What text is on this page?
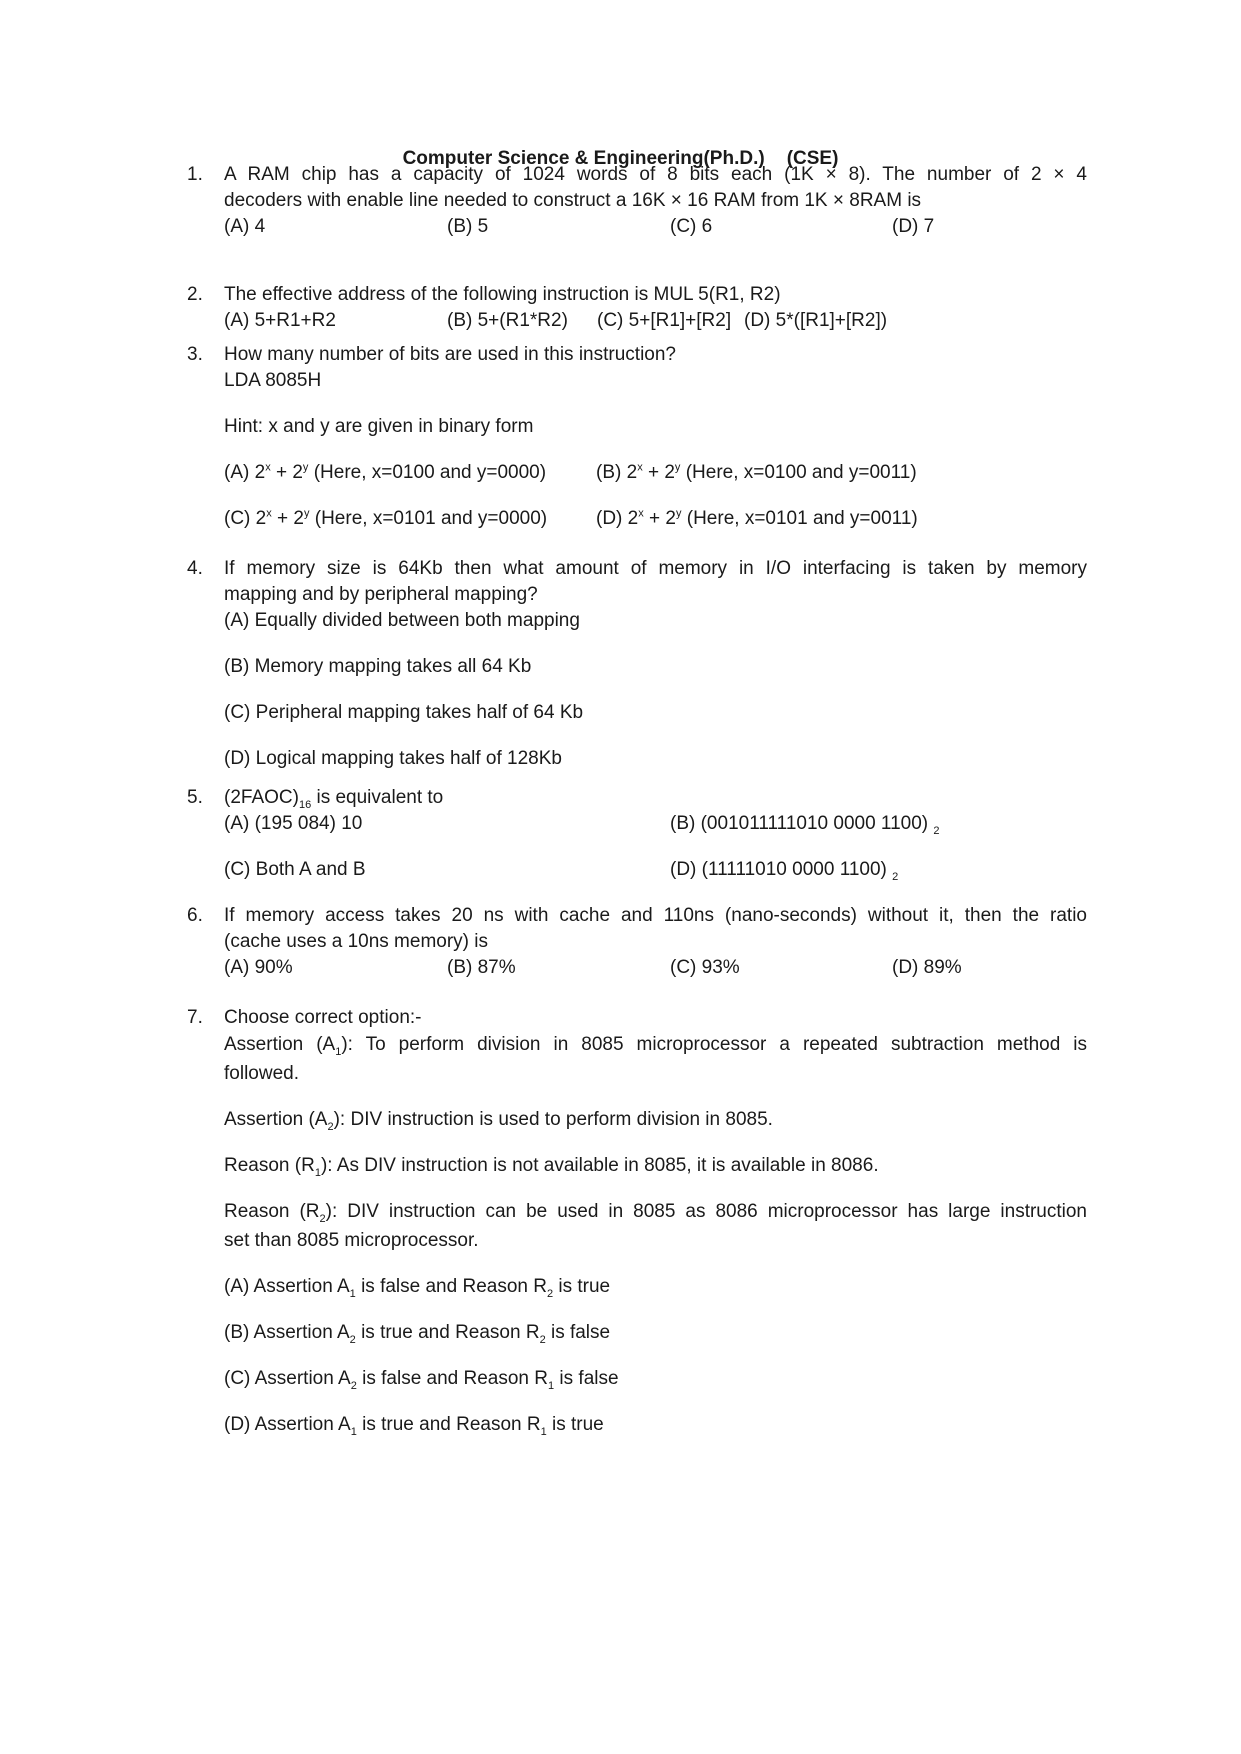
Computer Science & Engineering(Ph.D.) (CSE)
1.	A RAM chip has a capacity of 1024 words of 8 bits each (1K × 8). The number of 2 × 4
decoders with enable line needed to construct a 16K × 16 RAM from 1K × 8RAM is
(A) 4	(B) 5	(C) 6	(D) 7
2.	The effective address of the following instruction is MUL 5(R1, R2)
(A) 5+R1+R2	(B) 5+(R1*R2) (C) 5+[R1]+[R2] (D) 5*([R1]+[R2])
3.	How many number of bits are used in this instruction?
LDA 8085H
Hint: x and y are given in binary form
(A) $2^x + 2^y$ (Here, x=0100 and y=0000)	(B) $2^x + 2^y$ (Here, x=0100 and y=0011)
(C) $2^x + 2^y$ (Here, x=0101 and y=0000)	(D) $2^x + 2^y$ (Here, x=0101 and y=0011)
4.	If memory size is 64Kb then what amount of memory in I/O interfacing is taken by memory
mapping and by peripheral mapping?
(A) Equally divided between both mapping
(B) Memory mapping takes all 64 Kb
(C) Peripheral mapping takes half of 64 Kb
(D) Logical mapping takes half of 128Kb
5.	$(2FAOC)_{16}$ is equivalent to
(A) (195 084) 10	(B) (001011111010 0000 1100) $_2$
(C) Both A and B	(D) (11111010 0000 1100) $_2$
6.	If memory access takes 20 ns with cache and 110ns (nano-seconds) without it, then the ratio
(cache uses a 10ns memory) is
(A) 90%	(B) 87%	(C) 93%	(D) 89%
7.	Choose correct option:-
Assertion $(A_1)$: To perform division in 8085 microprocessor a repeated subtraction method is
followed.
Assertion $(A_2)$: DIV instruction is used to perform division in 8085.
Reason $(R_1)$: As DIV instruction is not available in 8085, it is available in 8086.
Reason $(R_2)$: DIV instruction can be used in 8085 as 8086 microprocessor has large instruction
set than 8085 microprocessor.
(A) Assertion $A_1$ is false and Reason $R_2$ is true
(B) Assertion $A_2$ is true and Reason $R_2$ is false
(C) Assertion $A_2$ is false and Reason $R_1$ is false
(D) Assertion $A_1$ is true and Reason $R_1$ is true
